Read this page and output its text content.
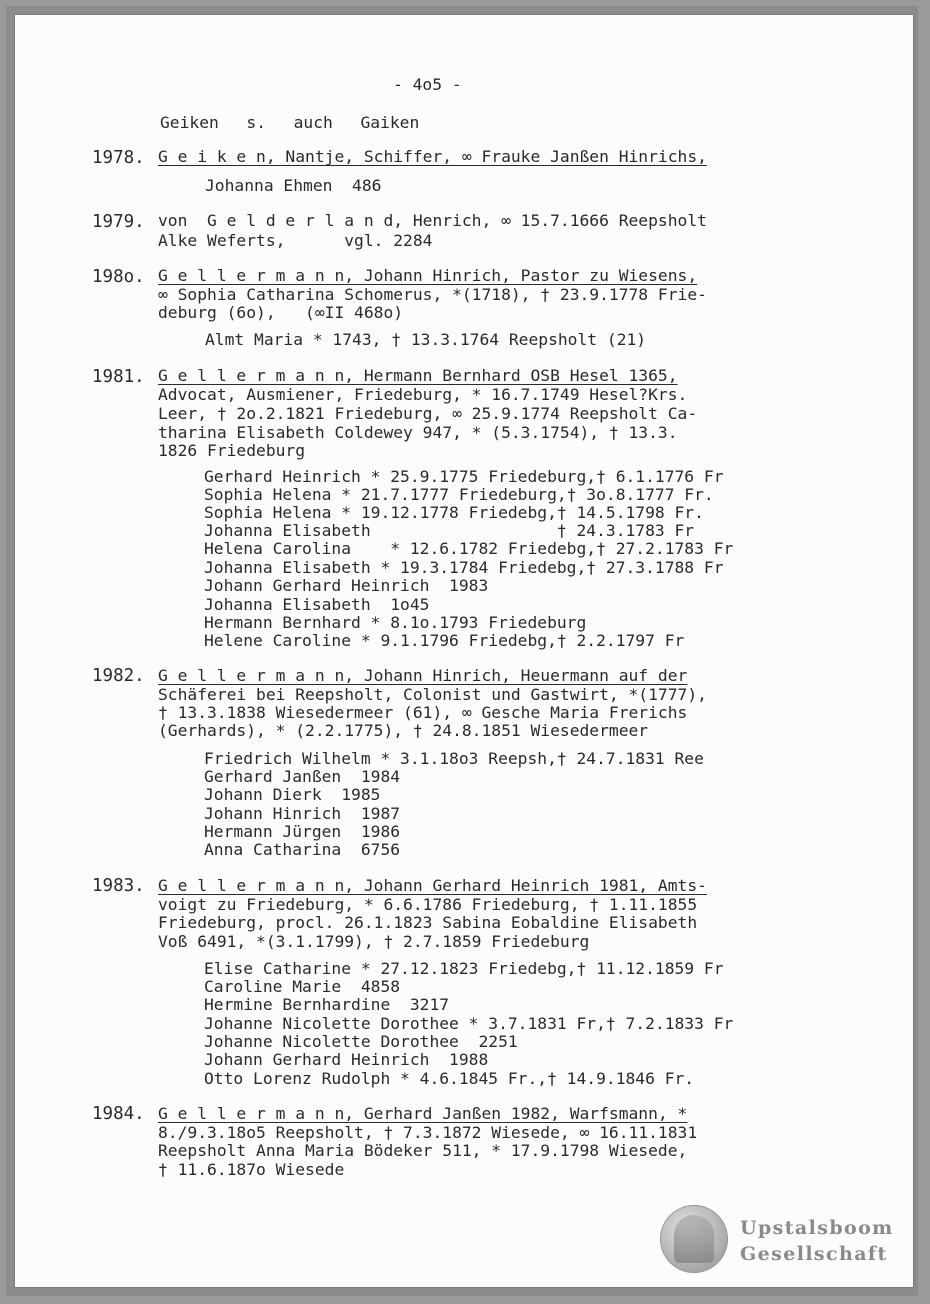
- 4o5 -
Geiken  s.  auch  Gaiken
1978. G e i k e n, Nantje, Schiffer, ∞ Frauke Janßen Hinrichs,
Johanna Ehmen  486
1979. von  G e l d e r l a n d, Henrich, ∞ 15.7.1666 Reepsholt
Alke Weferts,      vgl. 2284
198o. G e l l e r m a n n, Johann Hinrich, Pastor zu Wiesens,
∞ Sophia Catharina Schomerus, *(1718), † 23.9.1778 Frie-
deburg (6o),   (∞II 468o)
Almt Maria * 1743, † 13.3.1764 Reepsholt (21)
1981. G e l l e r m a n n, Hermann Bernhard OSB Hesel 1365,
Advocat, Ausmiener, Friedeburg, * 16.7.1749 Hesel?Krs.
Leer, † 2o.2.1821 Friedeburg, ∞ 25.9.1774 Reepsholt Ca-
tharina Elisabeth Coldewey 947, * (5.3.1754), † 13.3.
1826 Friedeburg
Gerhard Heinrich * 25.9.1775 Friedeburg,† 6.1.1776 Fr
Sophia Helena * 21.7.1777 Friedeburg,† 3o.8.1777 Fr.
Sophia Helena * 19.12.1778 Friedebg,† 14.5.1798 Fr.
Johanna Elisabeth                   † 24.3.1783 Fr
Helena Carolina    * 12.6.1782 Friedebg,† 27.2.1783 Fr
Johanna Elisabeth * 19.3.1784 Friedebg,† 27.3.1788 Fr
Johann Gerhard Heinrich  1983
Johanna Elisabeth  1o45
Hermann Bernhard * 8.1o.1793 Friedeburg
Helene Caroline * 9.1.1796 Friedebg,† 2.2.1797 Fr
1982. G e l l e r m a n n, Johann Hinrich, Heuermann auf der
Schäferei bei Reepsholt, Colonist und Gastwirt, *(1777),
† 13.3.1838 Wiesedermeer (61), ∞ Gesche Maria Frerichs
(Gerhards), * (2.2.1775), † 24.8.1851 Wiesedermeer
Friedrich Wilhelm * 3.1.18o3 Reepsh,† 24.7.1831 Ree
Gerhard Janßen  1984
Johann Dierk  1985
Johann Hinrich  1987
Hermann Jürgen  1986
Anna Catharina  6756
1983. G e l l e r m a n n, Johann Gerhard Heinrich 1981, Amts-
voigt zu Friedeburg, * 6.6.1786 Friedeburg, † 1.11.1855
Friedeburg, procl. 26.1.1823 Sabina Eobaldine Elisabeth
Voß 6491, *(3.1.1799), † 2.7.1859 Friedeburg
Elise Catharine * 27.12.1823 Friedebg,† 11.12.1859 Fr
Caroline Marie  4858
Hermine Bernhardine  3217
Johanne Nicolette Dorothee * 3.7.1831 Fr,† 7.2.1833 Fr
Johanne Nicolette Dorothee  2251
Johann Gerhard Heinrich  1988
Otto Lorenz Rudolph * 4.6.1845 Fr.,† 14.9.1846 Fr.
1984. G e l l e r m a n n, Gerhard Janßen 1982, Warfsmann, *
8./9.3.18o5 Reepsholt, † 7.3.1872 Wiesede, ∞ 16.11.1831
Reepsholt Anna Maria Bödeker 511, * 17.9.1798 Wiesede,
† 11.6.187o Wiesede
Upstalsboom
Gesellschaft
